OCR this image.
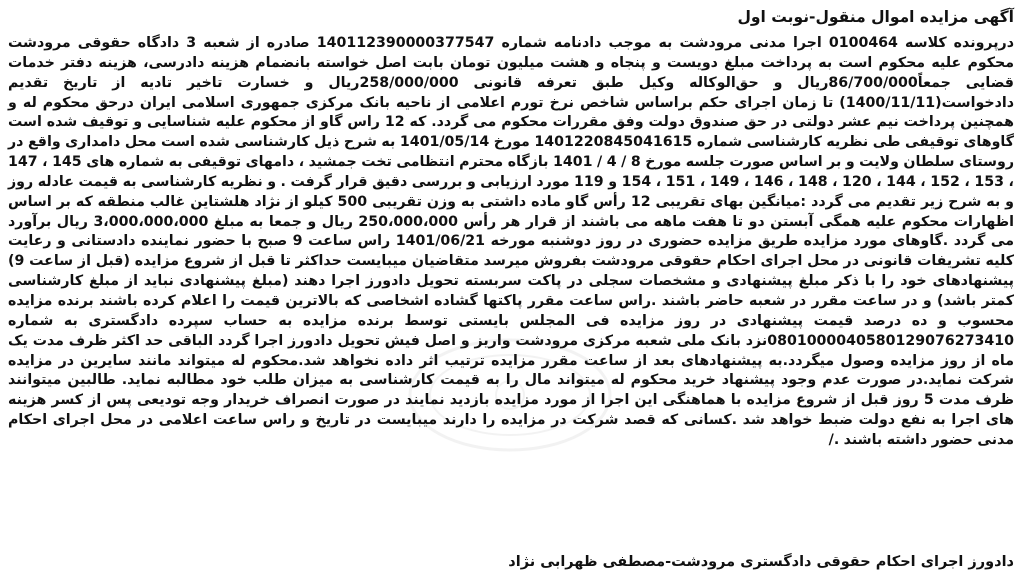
آگهی مزایده اموال منقول-نوبت اول

درپرونده کلاسه 0100464 اجرا مدنی مرودشت به موجب دادنامه شماره 140112390000377547 صادره از شعبه 3 دادگاه حقوقی مرودشت محکوم علیه محکوم است به پرداخت مبلغ دویست و پنجاه و هشت میلیون تومان بابت اصل خواسته بانضمام هزینه دادرسی، هزینه دفتر خدمات قضایی جمعاً86/700/000ریال و حق‌الوکاله وکیل طبق تعرفه قانونی 258/000/000ریال و خسارت تاخیر تادیه از تاریخ تقدیم دادخواست(1400/11/11) تا زمان اجرای حکم براساس شاخص نرخ تورم اعلامی از ناحیه بانک مرکزی جمهوری اسلامی ایران درحق محکوم له و همچنین پرداخت نیم عشر دولتی در حق صندوق دولت وفق مقررات محکوم می گردد. که 12 راس گاو از محکوم علیه شناسایی و توقیف شده است گاوهای توقیفی طی نظریه کارشناسی شماره 1401220845041615 مورخ 1401/05/14 به شرح ذیل کارشناسی شده است محل دامداری واقع در روستای سلطان ولایت و بر اساس صورت جلسه مورخ 8 / 4 / 1401 بازگاه محترم انتظامی تخت جمشید ، دامهای توقیفی به شماره های 145 ، 147 ، 153 ، 152 ، 144 ، 120 ، 148 ، 146 ، 149 ، 151 ، 154 و 119 مورد ارزیابی و بررسی دقیق قرار گرفت . و نظریه کارشناسی به قیمت عادله روز و به شرح زیر تقدیم می گردد :میانگین بهای تقریبی 12 رأس گاو ماده داشتی به وزن تقریبی 500 کیلو از نژاد هلشتاین غالب منطقه که بر اساس اظهارات محکوم علیه همگی آبستن دو تا هفت ماهه می باشند از قرار هر رأس 250،000،000 ریال و جمعا به مبلغ 3،000،000،000 ریال برآورد می گردد .گاوهای مورد مزایده طریق مزایده حضوری در روز دوشنبه مورخه 1401/06/21 راس ساعت 9 صبح با حضور نماینده دادستانی و رعایت کلیه تشریفات قانونی در محل اجرای احکام حقوقی مرودشت بفروش میرسد متقاضیان میبایست حداکثر تا قبل از شروع مزایده (قبل از ساعت 9) پیشنهادهای خود را با ذکر مبلغ پیشنهادی و مشخصات سجلی در پاکت سربسته تحویل دادورز اجرا دهند (مبلغ پیشنهادی نباید از مبلغ کارشناسی کمتر باشد) و در ساعت مقرر در شعبه حاضر باشند .راس ساعت مقرر پاکتها گشاده اشخاصی که بالاترین قیمت را اعلام کرده باشند برنده مزایده محسوب و ده درصد قیمت پیشنهادی در روز مزایده فی المجلس بایستی توسط برنده مزایده به حساب سپرده دادگستری به شماره 0801000040580129076273410نزد بانک ملی شعبه مرکزی مرودشت واریز و اصل فیش تحویل دادورز اجرا گردد الباقی حد اکثر ظرف مدت یک ماه از روز مزایده وصول میگردد.به پیشنهادهای بعد از ساعت مقرر مزایده ترتیب اثر داده نخواهد شد.محکوم له میتواند مانند سایرین در مزایده شرکت نماید.در صورت عدم وجود پیشنهاد خرید محکوم له میتواند مال را به قیمت کارشناسی به میزان طلب خود مطالبه نماید. طالبین میتوانند ظرف مدت 5 روز قبل از شروع مزایده با هماهنگی این اجرا از مورد مزایده بازدید نمایند در صورت انصراف خریدار وجه تودیعی پس از کسر هزینه های اجرا به نفع دولت ضبط خواهد شد .کسانی که قصد شرکت در مزایده را دارند میبایست در تاریخ و راس ساعت اعلامی در محل اجرای احکام مدنی حضور داشته باشند ./

دادورز اجرای احکام حقوقی دادگستری مرودشت-مصطفی ظهرابی نژاد
